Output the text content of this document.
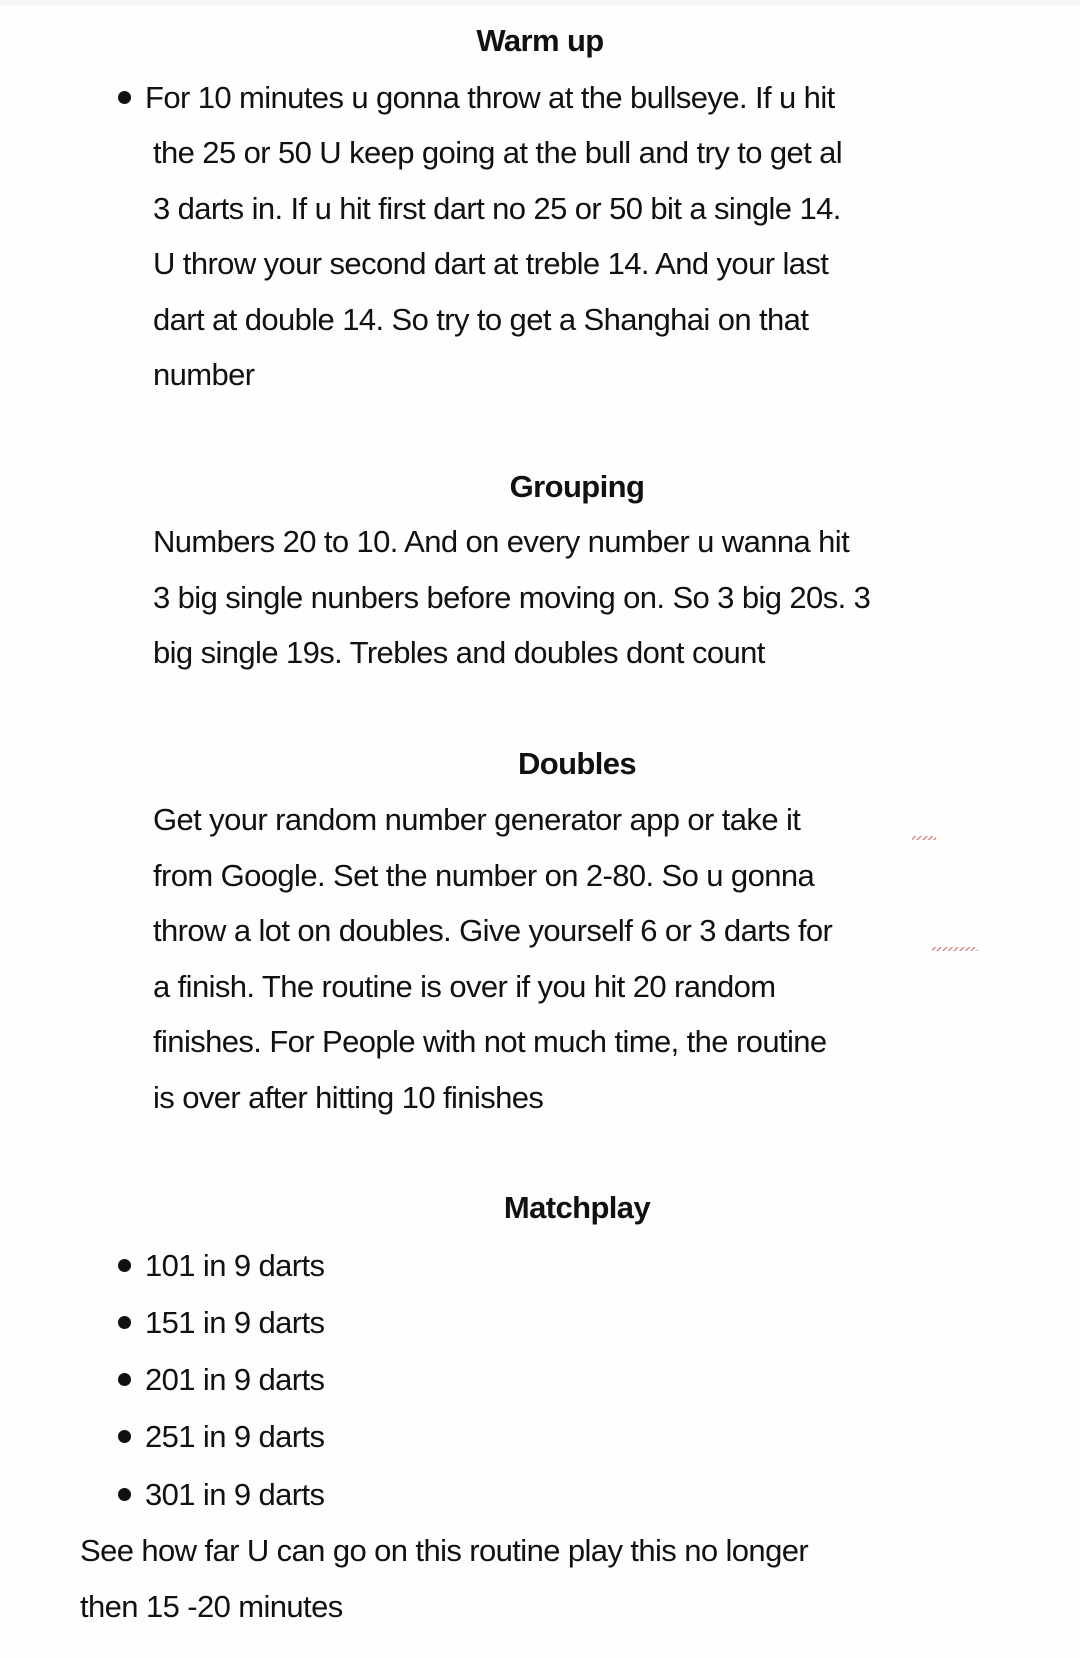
Warm up
For 10 minutes u gonna throw at the bullseye. If u hit
the 25 or 50 U keep going at the bull and try to get al
3 darts in. If u hit first dart no 25 or 50 bit a single 14.
U throw your second dart at treble 14. And your last
dart at double 14. So try to get a Shanghai on that
number
Grouping
Numbers 20 to 10. And on every number u wanna hit
3 big single nunbers before moving on. So 3 big 20s. 3
big single 19s. Trebles and doubles dont count
Doubles
Get your random number generator app or take it
from Google. Set the number on 2-80. So u gonna
throw a lot on doubles. Give yourself 6 or 3 darts for
a finish. The routine is over if you hit 20 random
finishes. For People with not much time, the routine
is over after hitting 10 finishes
Matchplay
101 in 9 darts
151 in 9 darts
201 in 9 darts
251 in 9 darts
301 in 9 darts
See how far U can go on this routine play this no longer
then 15 -20 minutes
